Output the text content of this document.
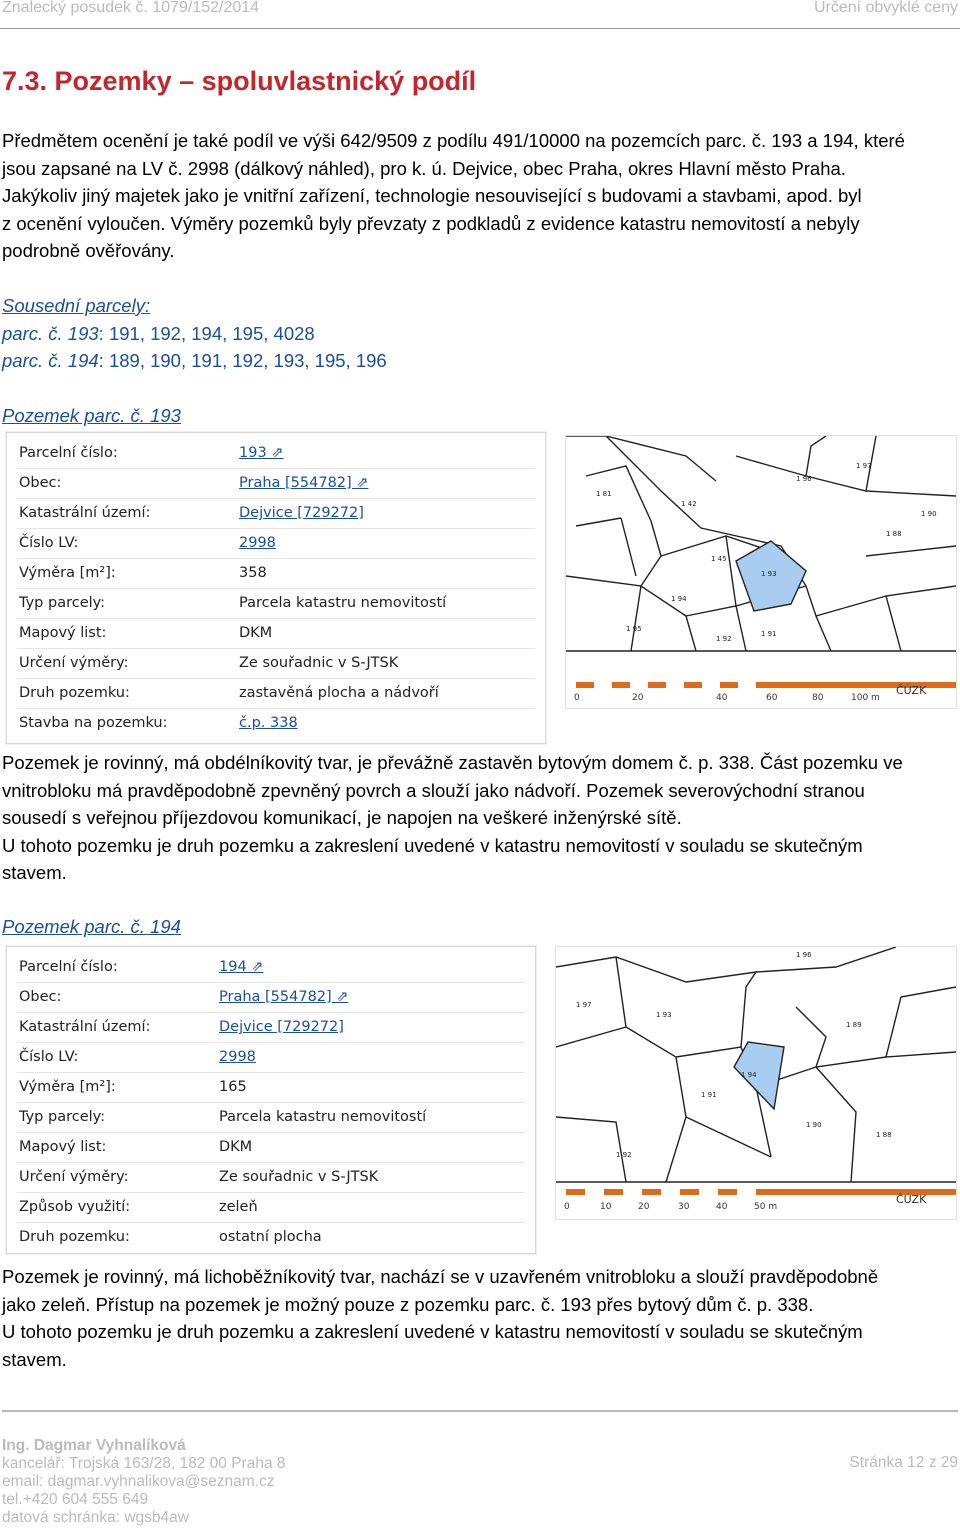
Znalecký posudek č. 1079/152/2014	Určení obvyklé ceny
7.3. Pozemky – spoluvlastnický podíl
Předmětem ocenění je také podíl ve výši 642/9509 z podílu 491/10000 na pozemcích parc. č. 193 a 194, které
jsou zapsané na LV č. 2998 (dálkový náhled), pro k. ú. Dejvice, obec Praha, okres Hlavní město Praha.
Jakýkoliv jiný majetek jako je vnitřní zařízení, technologie nesouvisející s budovami a stavbami, apod. byl
z ocenění vyloučen. Výměry pozemků byly převzaty z podkladů z evidence katastru nemovitostí a nebyly
podrobně ověřovány.
Sousední parcely:
parc. č. 193: 191, 192, 194, 195, 4028
parc. č. 194: 189, 190, 191, 192, 193, 195, 196
Pozemek parc. č. 193
Parcelní číslo:	193 ⇗
Obec:	Praha [554782] ⇗
Katastrální území:	Dejvice [729272]
Číslo LV:	2998
Výměra [m²]:	358
Typ parcely:	Parcela katastru nemovitostí
Mapový list:	DKM
Určení výměry:	Ze souřadnic v S-JTSK
Druh pozemku:	zastavěná plocha a nádvoří
Stavba na pozemku:	č.p. 338
1 42
1 45
1 93
1 96
1 97
1 88
1 90
1 94
1 91
1 92
1 81
1 95
0	20	40	60	80	100 m
ČÚZK
Pozemek je rovinný, má obdélníkovitý tvar, je převážně zastavěn bytovým domem č. p. 338. Část pozemku ve
vnitrobloku má pravděpodobně zpevněný povrch a slouží jako nádvoří. Pozemek severovýchodní stranou
sousedí s veřejnou příjezdovou komunikací, je napojen na veškeré inženýrské sítě.
U tohoto pozemku je druh pozemku a zakreslení uvedené v katastru nemovitostí v souladu se skutečným
stavem.
Pozemek parc. č. 194
Parcelní číslo:	194 ⇗
Obec:	Praha [554782] ⇗
Katastrální území:	Dejvice [729272]
Číslo LV:	2998
Výměra [m²]:	165
Typ parcely:	Parcela katastru nemovitostí
Mapový list:	DKM
Určení výměry:	Ze souřadnic v S-JTSK
Způsob využití:	zeleň
Druh pozemku:	ostatní plocha
1 97
1 93
1 96
1 89
1 94
1 91
1 90
1 88
1 92
0	10	20	30	40	50 m
ČÚZK
Pozemek je rovinný, má lichoběžníkovitý tvar, nachází se v uzavřeném vnitrobloku a slouží pravděpodobně
jako zeleň. Přístup na pozemek je možný pouze z pozemku parc. č. 193 přes bytový dům č. p. 338.
U tohoto pozemku je druh pozemku a zakreslení uvedené v katastru nemovitostí v souladu se skutečným
stavem.
Ing. Dagmar Vyhnalíková
kancelář: Trojská 163/28, 182 00 Praha 8
email: dagmar.vyhnalikova@seznam.cz
tel.+420 604 555 649
datová schránka: wgsb4aw
Stránka 12 z 29
